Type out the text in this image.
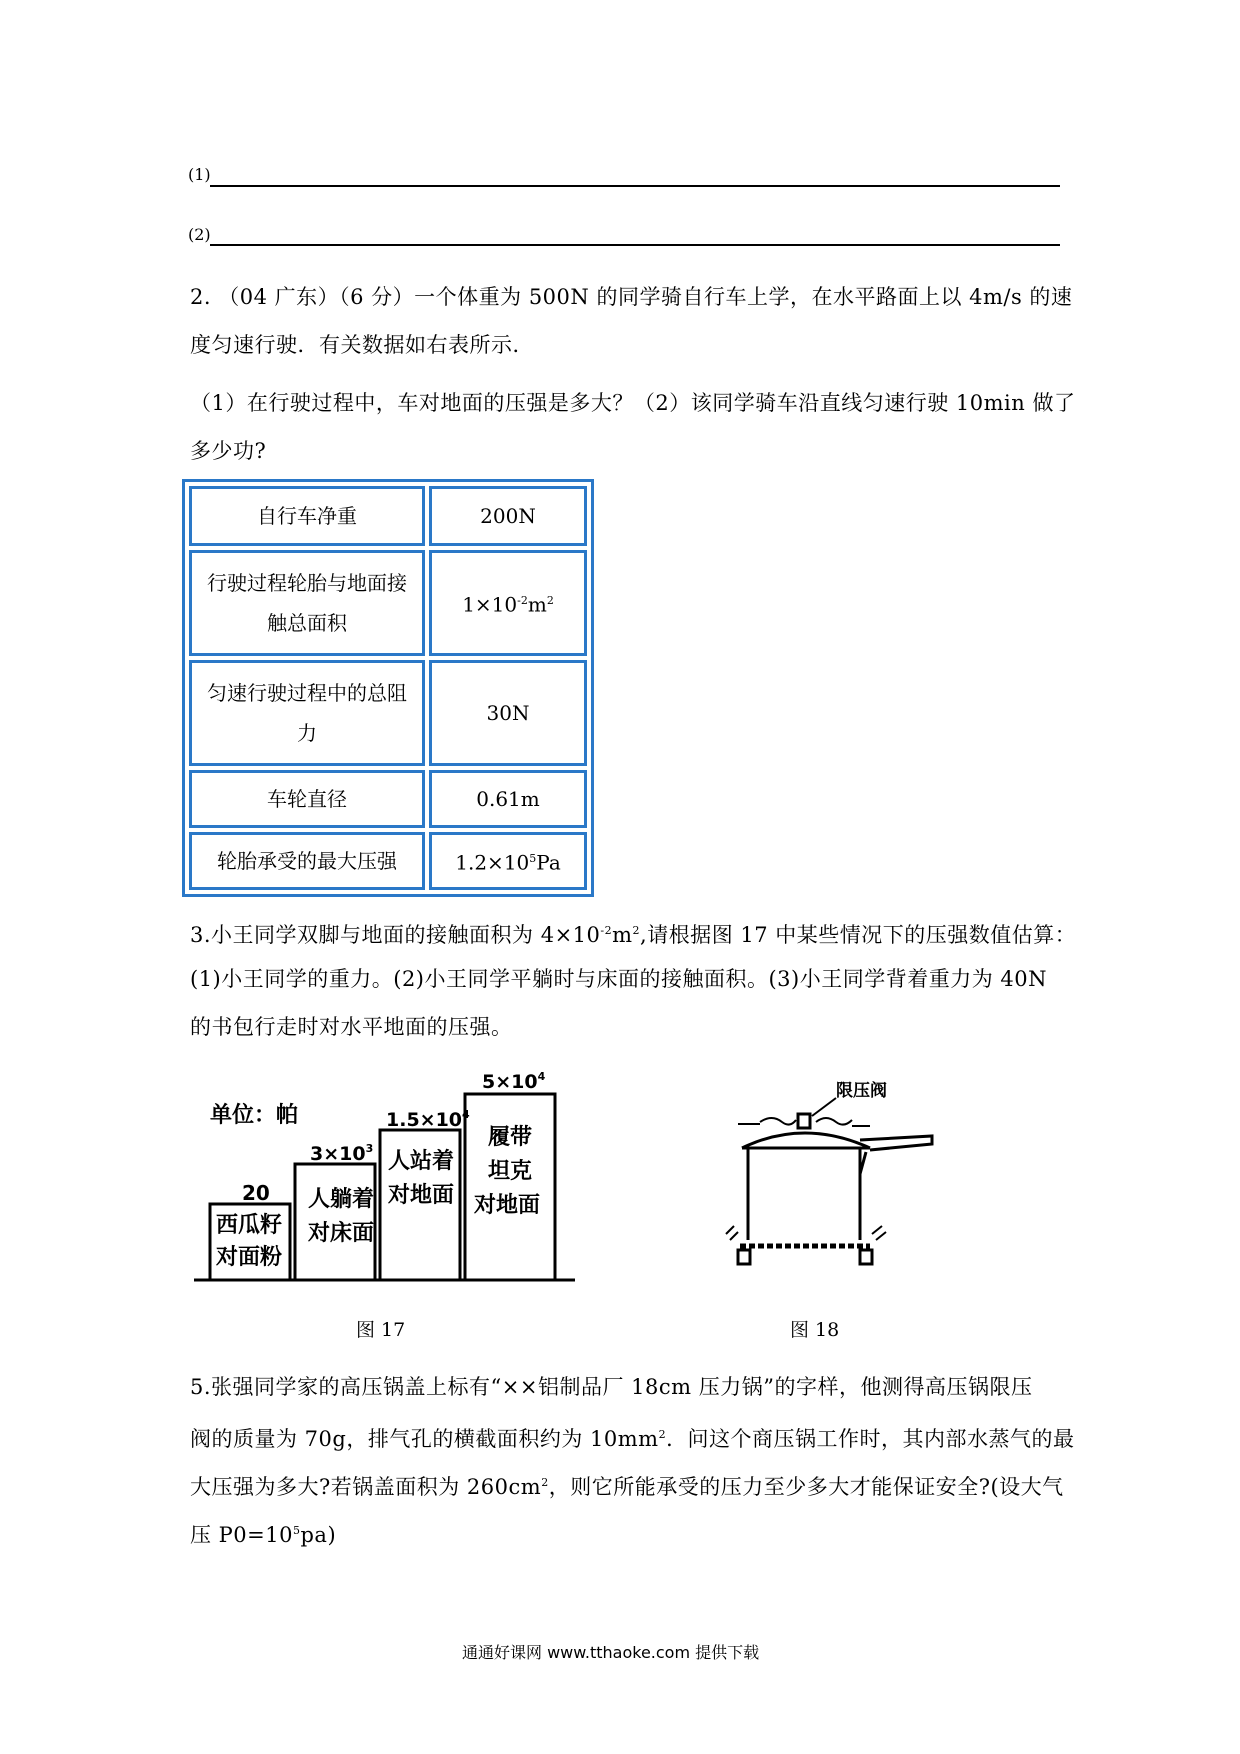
(1)
(2)
2. （04 广东）（6 分）一个体重为 500N 的同学骑自行车上学，在水平路面上以 4m/s 的速
度匀速行驶．有关数据如右表所示．
（1）在行驶过程中，车对地面的压强是多大？（2）该同学骑车沿直线匀速行驶 10min 做了
多少功?
自行车净重	200N

行驶过程轮胎与地面接
触总面积	$1\times 10^{-2}m^2$

匀速行驶过程中的总阻
力	30N
车轮直径	0.61m
轮胎承受的最大压强	$1.2\times 10^5Pa$
3.小王同学双脚与地面的接触面积为 $4\times 10^{-2}m^2$,请根据图 17 中某些情况下的压强数值估算：
(1)小王同学的重力。(2)小王同学平躺时与床面的接触面积。(3)小王同学背着重力为 40N
的书包行走时对水平地面的压强。
单位：帕
20
西瓜籽
对面粉
$3\times 10^3$
人躺着
对床面
$1.5\times 10^4$
人站着
对地面
$5\times 10^4$
履带
坦克
对地面
图 17
限压阀
图 18
5.张强同学家的高压锅盖上标有“××铝制品厂 18cm 压力锅”的字样，他测得高压锅限压
阀的质量为 70g，排气孔的横截面积约为 $10mm^2$．问这个商压锅工作时，其内部水蒸气的最
大压强为多大?若锅盖面积为 $260cm^2$，则它所能承受的压力至少多大才能保证安全?(设大气
压 $P0=10^5pa$)
通通好课网 www.tthaoke.com 提供下载
